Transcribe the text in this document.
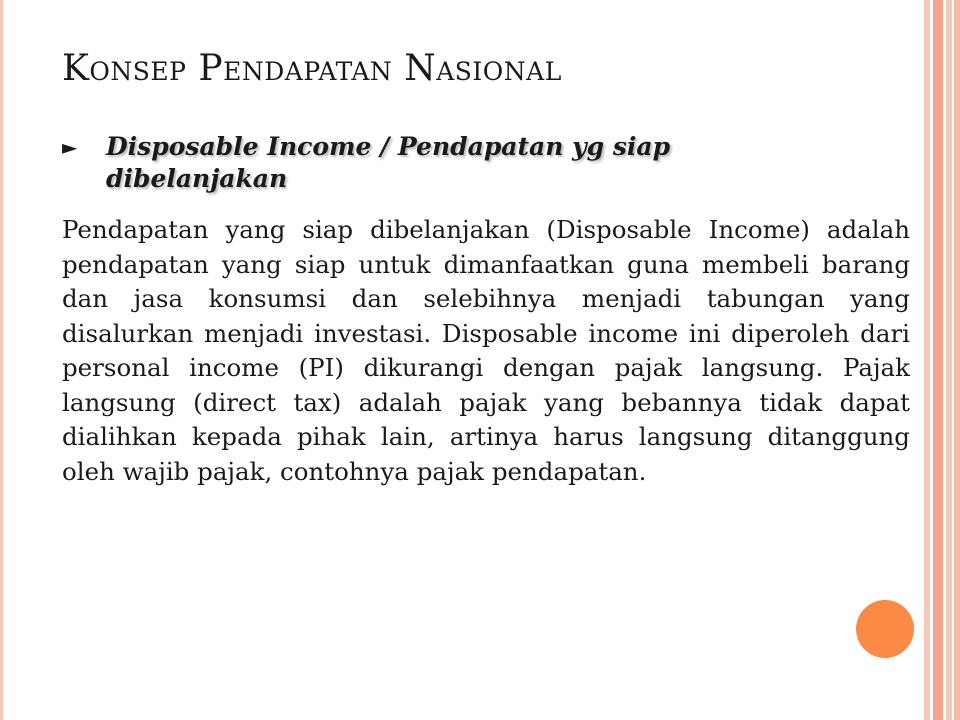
Konsep Pendapatan Nasional
►	Disposable Income / Pendapatan yg siap dibelanjakan
Pendapatan yang siap dibelanjakan (Disposable Income) adalah pendapatan yang siap untuk dimanfaatkan guna membeli barang dan jasa konsumsi dan selebihnya menjadi tabungan yang disalurkan menjadi investasi. Disposable income ini diperoleh dari personal income (PI) dikurangi dengan pajak langsung. Pajak langsung (direct tax) adalah pajak yang bebannya tidak dapat dialihkan kepada pihak lain, artinya harus langsung ditanggung oleh wajib pajak, contohnya pajak pendapatan.
